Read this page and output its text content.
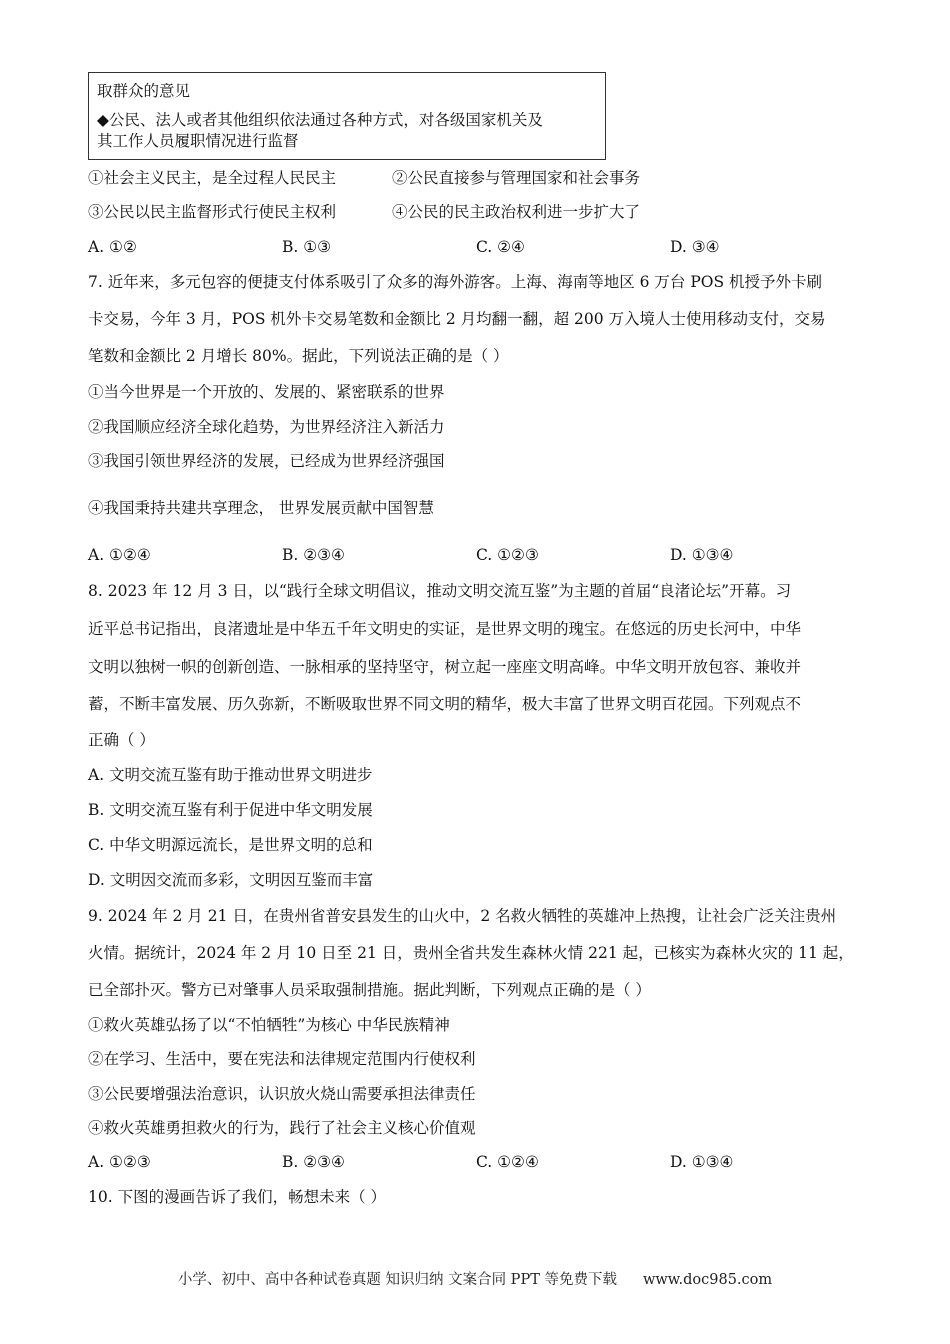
取群众的意见
◆公民、法人或者其他组织依法通过各种方式，对各级国家机关及
其工作人员履职情况进行监督
①社会主义民主，是全过程人民民主	②公民直接参与管理国家和社会事务
③公民以民主监督形式行使民主权利	④公民的民主政治权利进一步扩大了
A. ①②	B. ①③	C. ②④	D. ③④
7. 近年来，多元包容的便捷支付体系吸引了众多的海外游客。上海、海南等地区 6 万台 POS 机授予外卡刷
卡交易，今年 3 月，POS 机外卡交易笔数和金额比 2 月均翻一翻，超 200 万入境人士使用移动支付，交易
笔数和金额比 2 月增长 80%。据此，下列说法正确的是（ ）
①当今世界是一个开放的、发展的、紧密联系的世界
②我国顺应经济全球化趋势，为世界经济注入新活力
③我国引领世界经济的发展，已经成为世界经济强国
④我国秉持共建共享理念， 世界发展贡献中国智慧
A. ①②④	B. ②③④	C. ①②③	D. ①③④
8. 2023 年 12 月 3 日，以“践行全球文明倡议，推动文明交流互鉴”为主题的首届“良渚论坛”开幕。习
近平总书记指出，良渚遗址是中华五千年文明史的实证，是世界文明的瑰宝。在悠远的历史长河中，中华
文明以独树一帜的创新创造、一脉相承的坚持坚守，树立起一座座文明高峰。中华文明开放包容、兼收并
蓄，不断丰富发展、历久弥新，不断吸取世界不同文明的精华，极大丰富了世界文明百花园。下列观点不
正确（ ）
A. 文明交流互鉴有助于推动世界文明进步
B. 文明交流互鉴有利于促进中华文明发展
C. 中华文明源远流长，是世界文明的总和
D. 文明因交流而多彩，文明因互鉴而丰富
9. 2024 年 2 月 21 日，在贵州省普安县发生的山火中，2 名救火牺牲的英雄冲上热搜，让社会广泛关注贵州
火情。据统计，2024 年 2 月 10 日至 21 日，贵州全省共发生森林火情 221 起，已核实为森林火灾的 11 起，
已全部扑灭。警方已对肇事人员采取强制措施。据此判断，下列观点正确的是（ ）
①救火英雄弘扬了以“不怕牺牲”为核心 中华民族精神
②在学习、生活中，要在宪法和法律规定范围内行使权利
③公民要增强法治意识，认识放火烧山需要承担法律责任
④救火英雄勇担救火的行为，践行了社会主义核心价值观
A. ①②③	B. ②③④	C. ①②④	D. ①③④
10. 下图的漫画告诉了我们，畅想未来（ ）
小学、初中、高中各种试卷真题 知识归纳 文案合同 PPT 等免费下载 www.doc985.com
